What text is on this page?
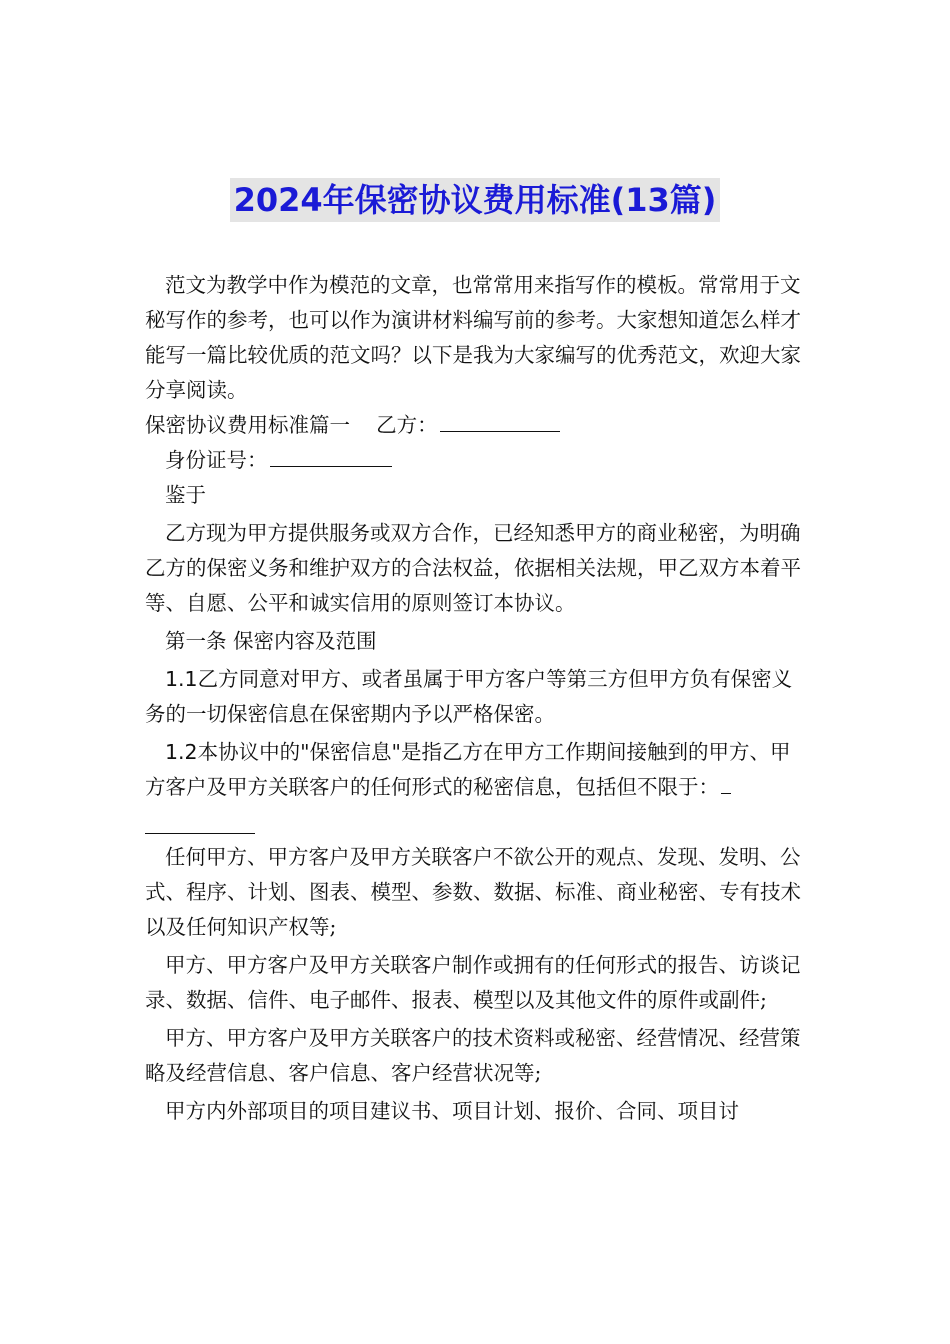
2024年保密协议费用标准(13篇)

范文为教学中作为模范的文章，也常常用来指写作的模板。常常用于文秘写作的参考，也可以作为演讲材料编写前的参考。大家想知道怎么样才能写一篇比较优质的范文吗？以下是我为大家编写的优秀范文，欢迎大家分享阅读。

保密协议费用标准篇一 乙方：

身份证号：

鉴于

乙方现为甲方提供服务或双方合作，已经知悉甲方的商业秘密，为明确乙方的保密义务和维护双方的合法权益，依据相关法规，甲乙双方本着平等、自愿、公平和诚实信用的原则签订本协议。

第一条 保密内容及范围

1.1乙方同意对甲方、或者虽属于甲方客户等第三方但甲方负有保密义务的一切保密信息在保密期内予以严格保密。

1.2本协议中的"保密信息"是指乙方在甲方工作期间接触到的甲方、甲方客户及甲方关联客户的任何形式的秘密信息，包括但不限于：

任何甲方、甲方客户及甲方关联客户不欲公开的观点、发现、发明、公式、程序、计划、图表、模型、参数、数据、标准、商业秘密、专有技术以及任何知识产权等;

甲方、甲方客户及甲方关联客户制作或拥有的任何形式的报告、访谈记录、数据、信件、电子邮件、报表、模型以及其他文件的原件或副件;

甲方、甲方客户及甲方关联客户的技术资料或秘密、经营情况、经营策略及经营信息、客户信息、客户经营状况等;

甲方内外部项目的项目建议书、项目计划、报价、合同、项目讨
